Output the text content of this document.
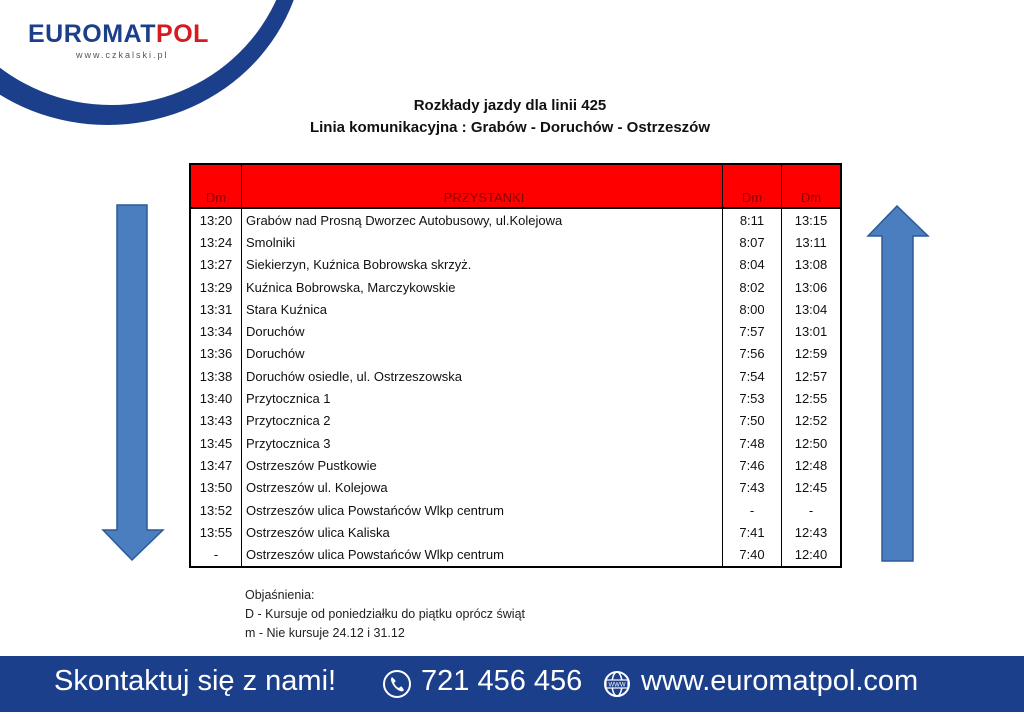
EUROMATPOL
www.czkalski.pl
Rozkłady jazdy dla linii 425
Linia komunikacyjna : Grabów - Doruchów - Ostrzeszów
Dm	PRZYSTANKI	Dm	Dm
13:20	Grabów nad Prosną Dworzec Autobusowy, ul.Kolejowa	8:11	13:15
13:24	Smolniki	8:07	13:11
13:27	Siekierzyn, Kuźnica Bobrowska skrzyż.	8:04	13:08
13:29	Kuźnica Bobrowska, Marczykowskie	8:02	13:06
13:31	Stara Kuźnica	8:00	13:04
13:34	Doruchów	7:57	13:01
13:36	Doruchów	7:56	12:59
13:38	Doruchów osiedle, ul. Ostrzeszowska	7:54	12:57
13:40	Przytocznica 1	7:53	12:55
13:43	Przytocznica 2	7:50	12:52
13:45	Przytocznica 3	7:48	12:50
13:47	Ostrzeszów Pustkowie	7:46	12:48
13:50	Ostrzeszów ul. Kolejowa	7:43	12:45
13:52	Ostrzeszów ulica Powstańców Wlkp centrum	-	-
13:55	Ostrzeszów ulica Kaliska	7:41	12:43
-	Ostrzeszów ulica Powstańców Wlkp centrum	7:40	12:40
Objaśnienia:
D - Kursuje od poniedziałku do piątku oprócz świąt
m - Nie kursuje 24.12 i 31.12
Skontaktuj się z nami!	721 456 456	WWW www.euromatpol.com
